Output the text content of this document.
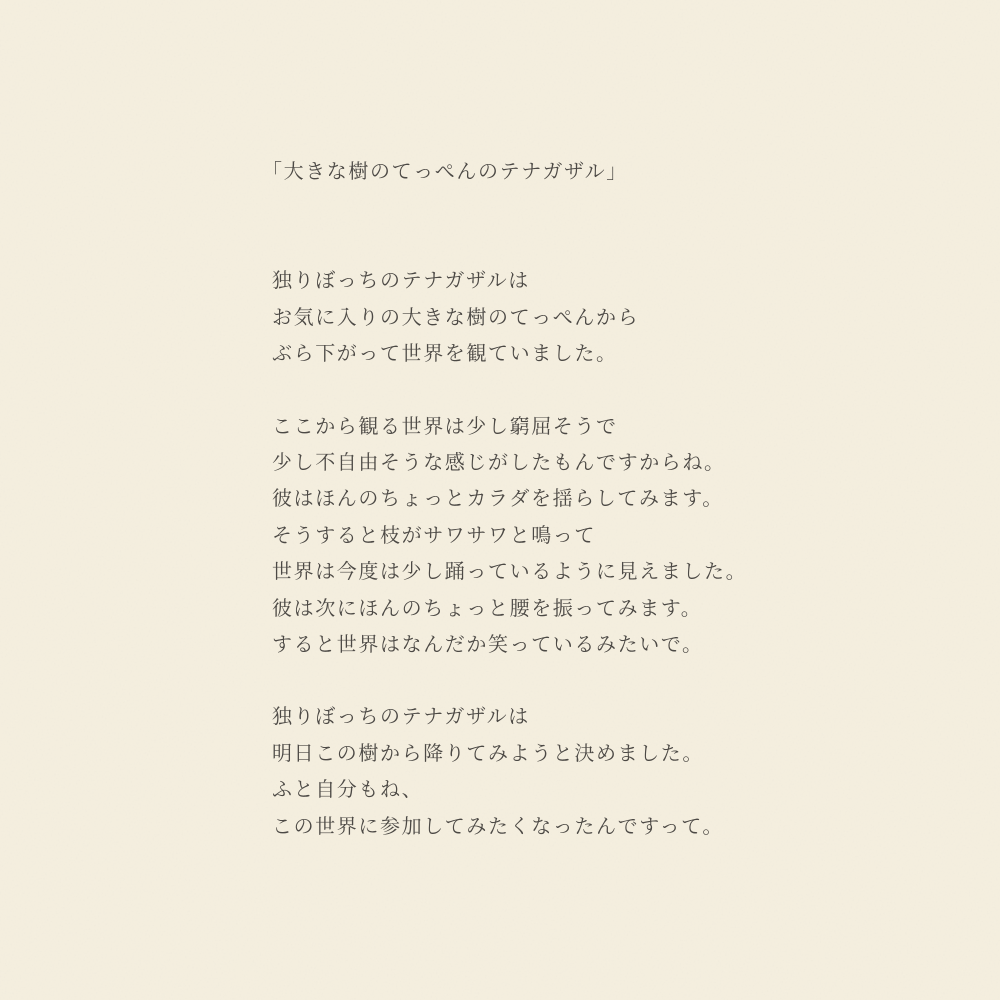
「大きな樹のてっぺんのテナガザル」

独りぼっちのテナガザルは

お気に入りの大きな樹のてっぺんから

ぶら下がって世界を観ていました。

ここから観る世界は少し窮屈そうで

少し不自由そうな感じがしたもんですからね。

彼はほんのちょっとカラダを揺らしてみます。

そうすると枝がサワサワと鳴って

世界は今度は少し踊っているように見えました。

彼は次にほんのちょっと腰を振ってみます。

すると世界はなんだか笑っているみたいで。

独りぼっちのテナガザルは

明日この樹から降りてみようと決めました。

ふと自分もね、

この世界に参加してみたくなったんですって。
